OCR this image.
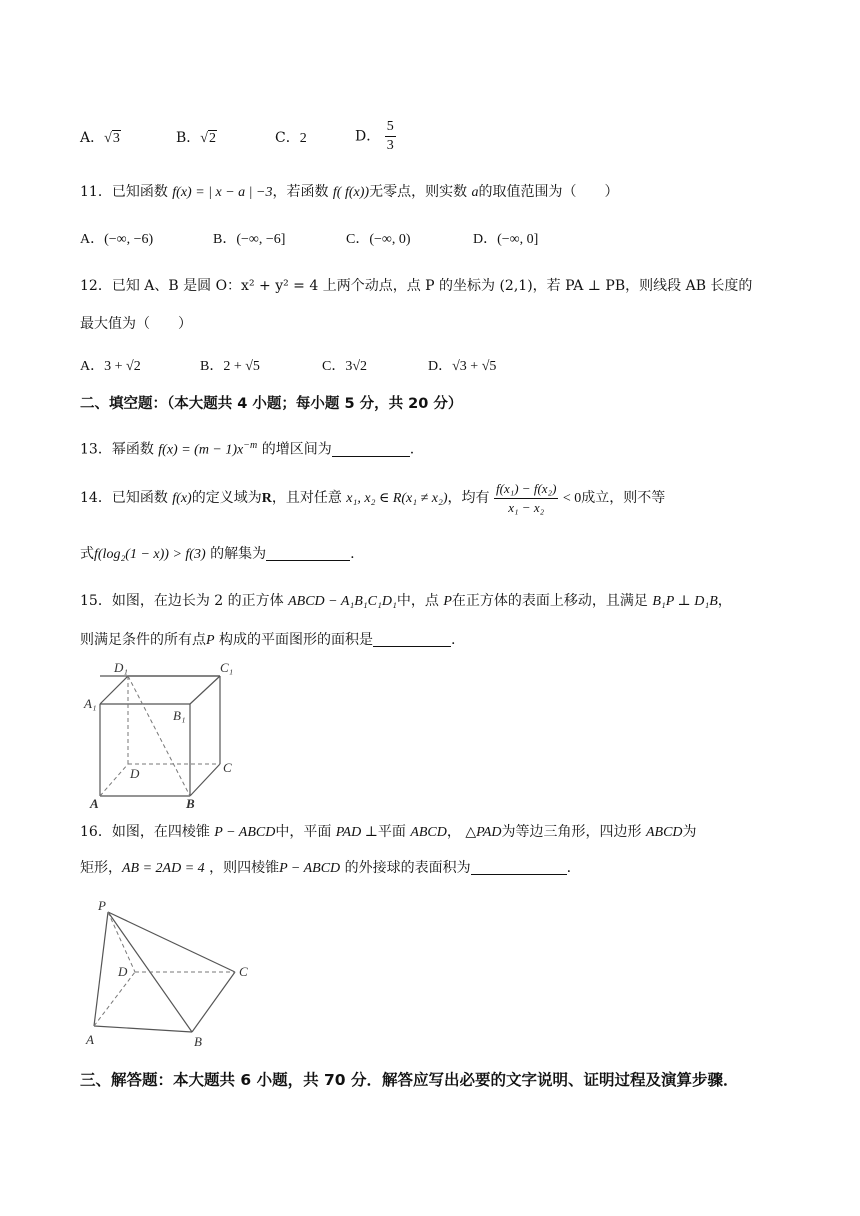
A．√3	B．√2	C．2	D． $\frac{5}{3}$
11．已知函数 f(x) = | x − a | −3，若函数 f( f(x))无零点，则实数 a的取值范围为（　　）
A．(−∞, −6)	B．(−∞, −6]	C．(−∞, 0)	D．(−∞, 0]
12．已知 A、B 是圆 O：x² + y² = 4 上两个动点，点 P 的坐标为 (2,1)，若 PA ⊥ PB，则线段 AB 长度的
最大值为（　　）
A．3 + √2	B．2 + √5	C．3√2	D．√3 + √5
二、填空题：（本大题共 4 小题；每小题 5 分，共 20 分）
13．幂函数 $f(x) = (m - 1)x^{-m}$ 的增区间为	.
14．已知函数 f(x)的定义域为R，且对任意 x₁, x₂ ∈ R(x₁ ≠ x₂)，均有 $\frac{\text{f(x₁) − f(x₂)}}{\text{x₁ − x₂}} < 0$成立，则不等
式f(log₂(1 − x)) > f(3) 的解集为	.
15．如图，在边长为 2 的正方体 ABCD − A₁B₁C₁D₁中，点 P在正方体的表面上移动，且满足 B₁P ⊥ D₁B，
则满足条件的所有点P 构成的平面图形的面积是	.
D₁	C₁
A₁
B₁
D	C
A	B
16．如图，在四棱锥 P − ABCD中，平面 PAD ⊥平面 ABCD， △PAD为等边三角形，四边形 ABCD为
矩形，AB = 2AD = 4 ，则四棱锥P − ABCD 的外接球的表面积为	.
P
D	C
A	B
三、解答题：本大题共 6 小题，共 70 分．解答应写出必要的文字说明、证明过程及演算步骤．
